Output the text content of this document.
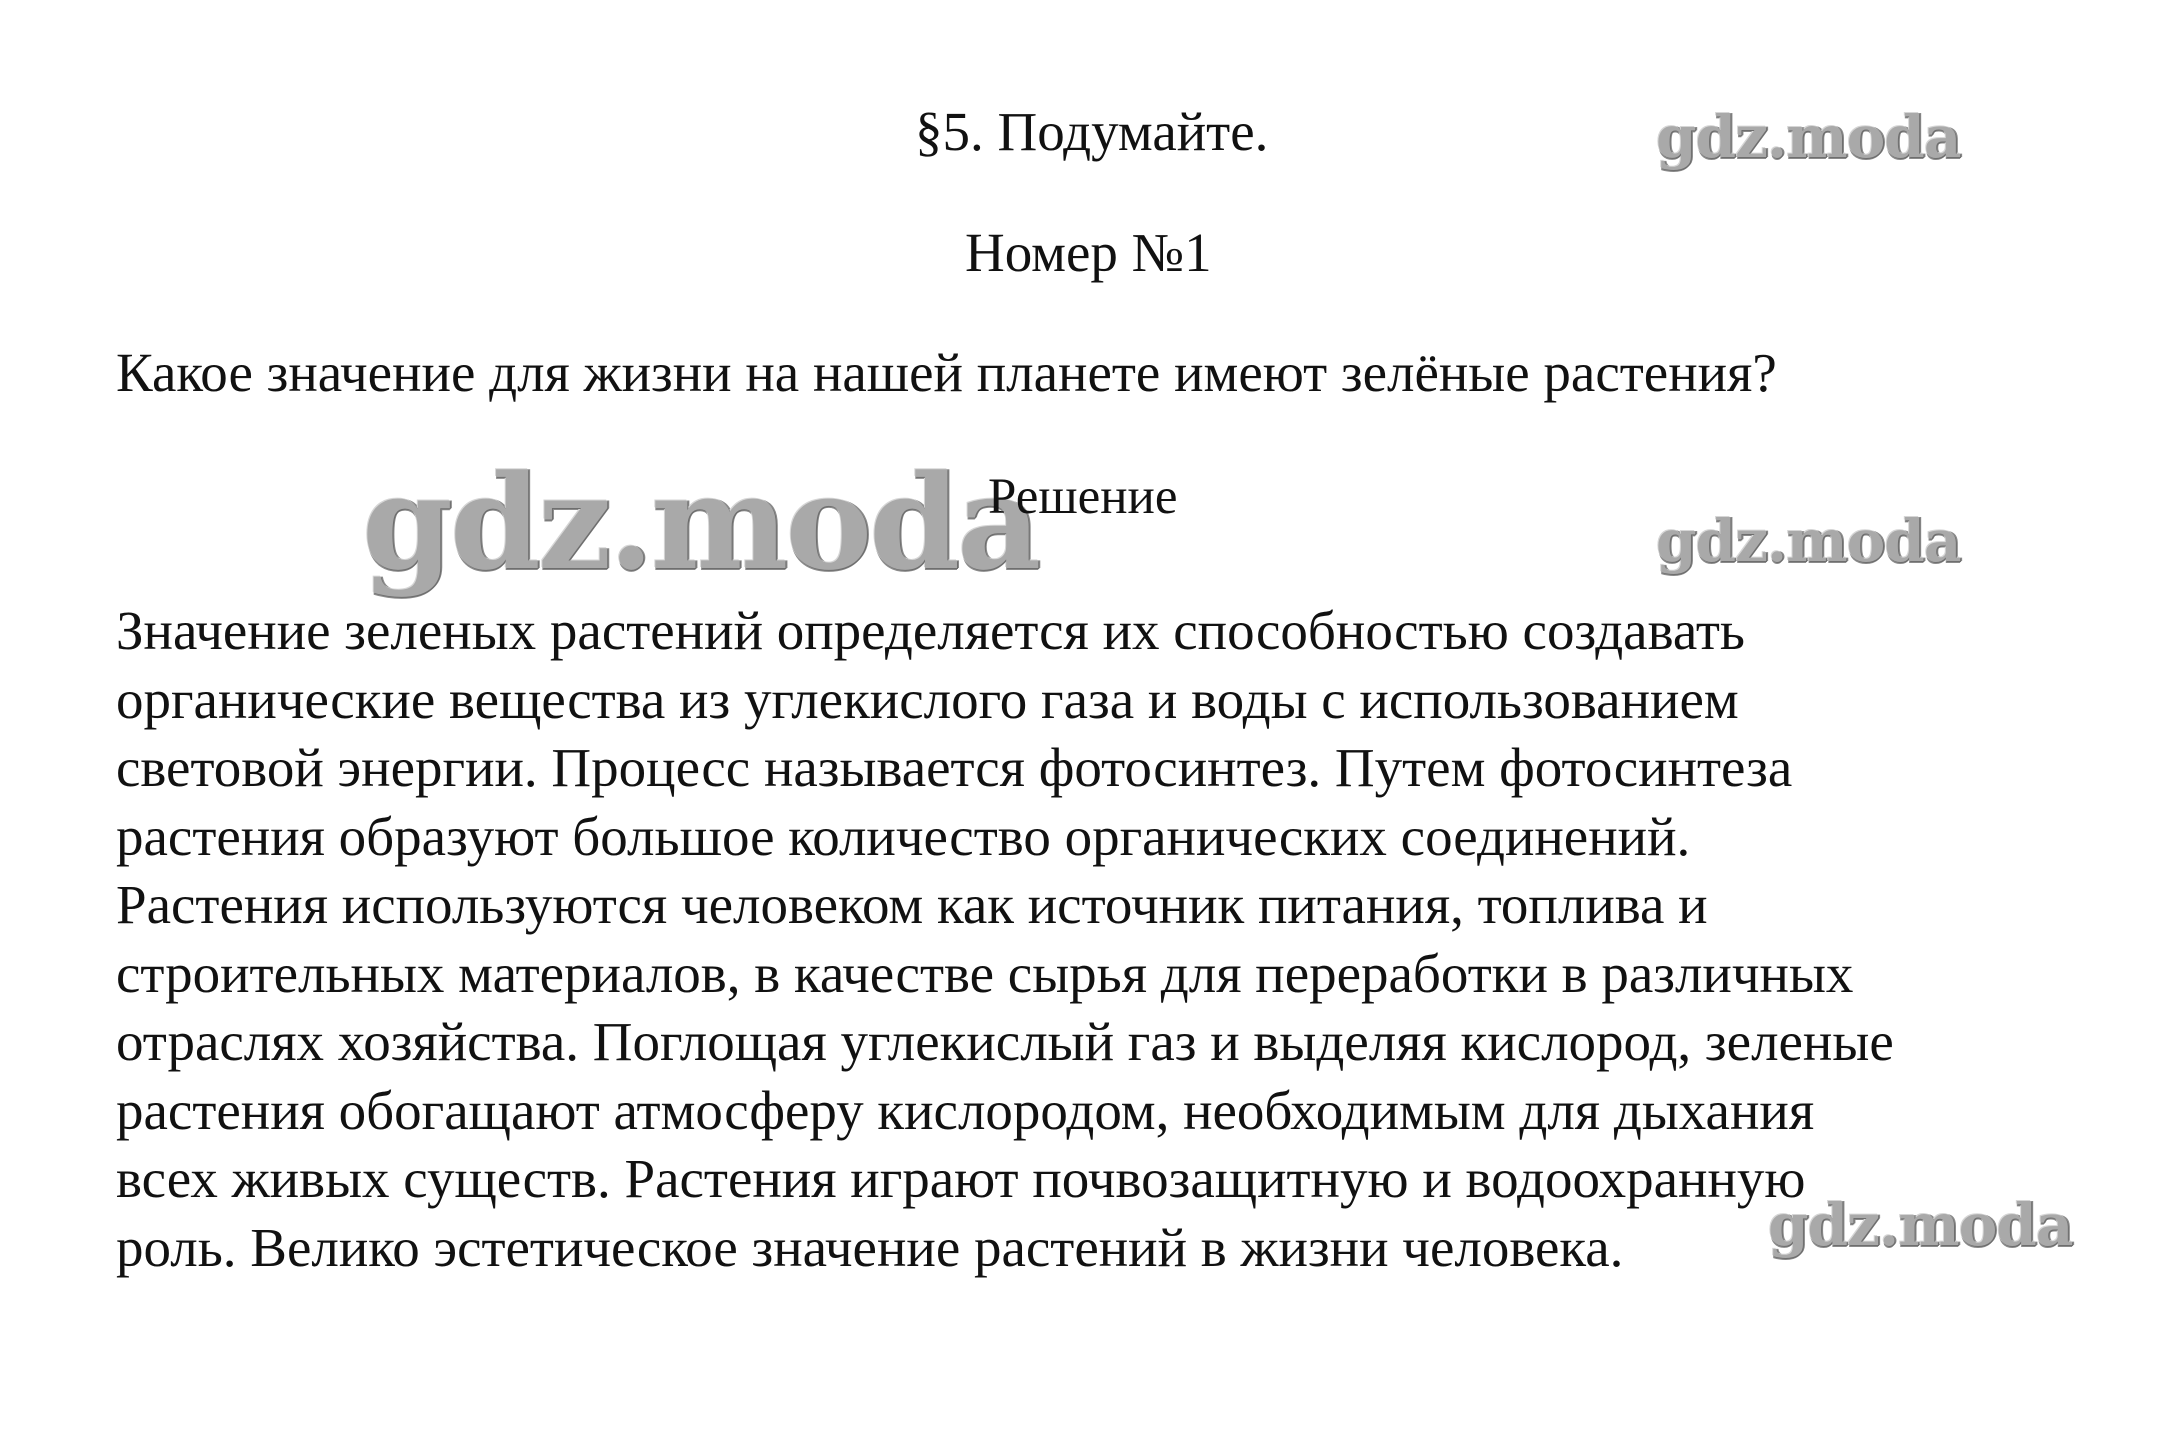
§5. Подумайте.	gdz.moda
Номер №1
Какое значение для жизни на нашей планете имеют зелёные растения?
gdz.moda
Решение
gdz.moda
Значение зеленых растений определяется их способностью создавать
органические вещества из углекислого газа и воды с использованием
световой энергии. Процесс называется фотосинтез. Путем фотосинтеза
растения образуют большое количество органических соединений.
Растения используются человеком как источник питания, топлива и
строительных материалов, в качестве сырья для переработки в различных
отраслях хозяйства. Поглощая углекислый газ и выделяя кислород, зеленые
растения обогащают атмосферу кислородом, необходимым для дыхания
всех живых существ. Растения играют почвозащитную и водоохранную
роль. Велико эстетическое значение растений в жизни человека.	gdz.moda
